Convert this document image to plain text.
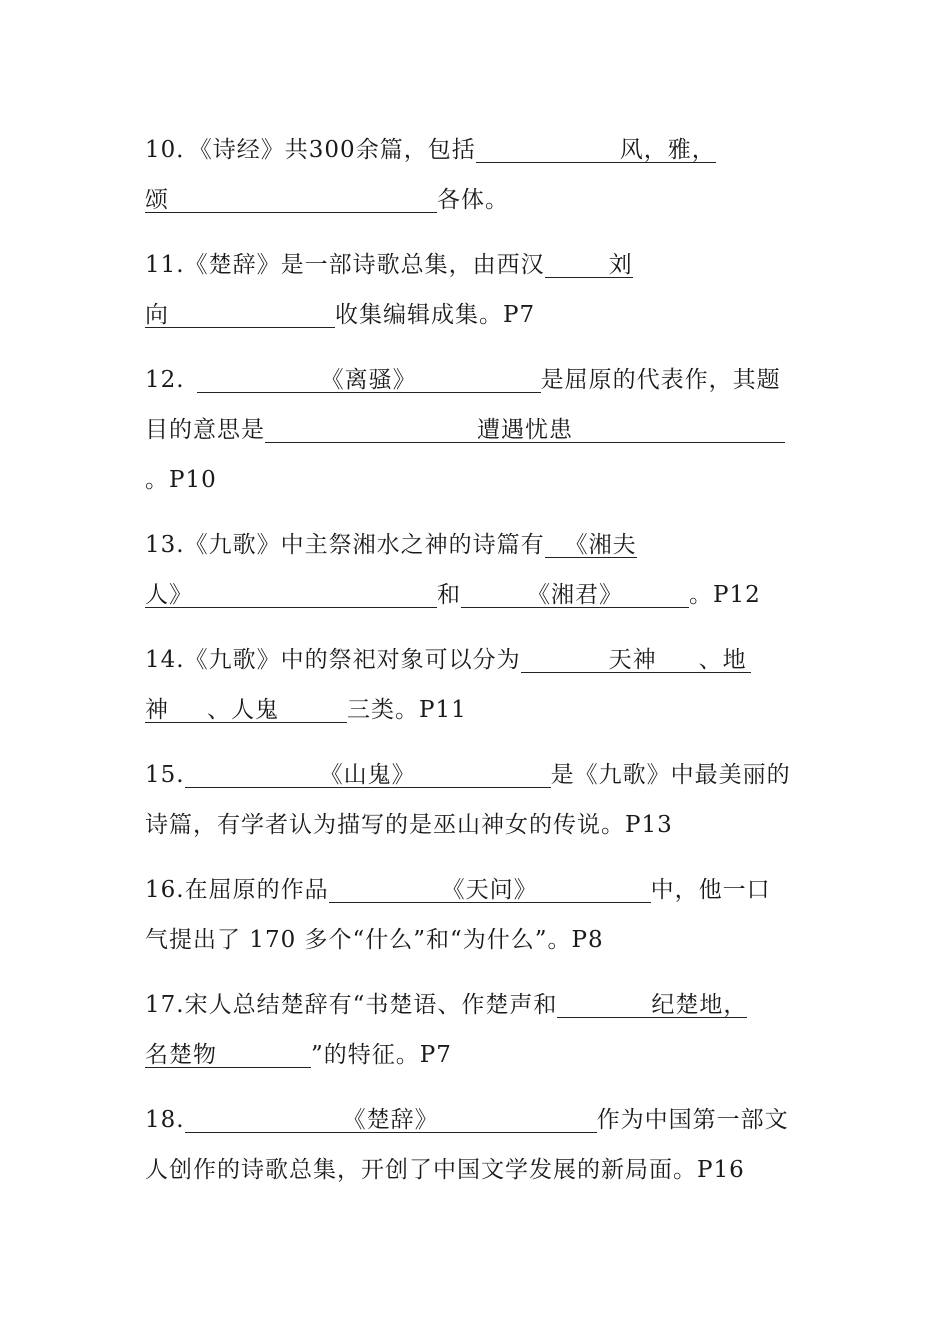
10．《诗经》共300余篇，包括	风，雅，
颂	各体。
11.《楚辞》是一部诗歌总集，由西汉	刘
向	收集编辑成集。P7
12.	《离骚》	是屈原的代表作，其题
目的意思是	遭遇忧患
。P10
13.《九歌》中主祭湘水之神的诗篇有 《湘夫
人》	和	《湘君》	。P12
14.《九歌》中的祭祀对象可以分为	天神 、地
神 、人鬼	三类。P11
15.	《山鬼》	是《九歌》中最美丽的
诗篇，有学者认为描写的是巫山神女的传说。P13
16.在屈原的作品	《天问》	中，他一口
气提出了 170 多个“什么”和“为什么”。P8
17.宋人总结楚辞有“书楚语、作楚声和	纪楚地，
名楚物	”的特征。P7
18.	《楚辞》	作为中国第一部文
人创作的诗歌总集，开创了中国文学发展的新局面。P16
